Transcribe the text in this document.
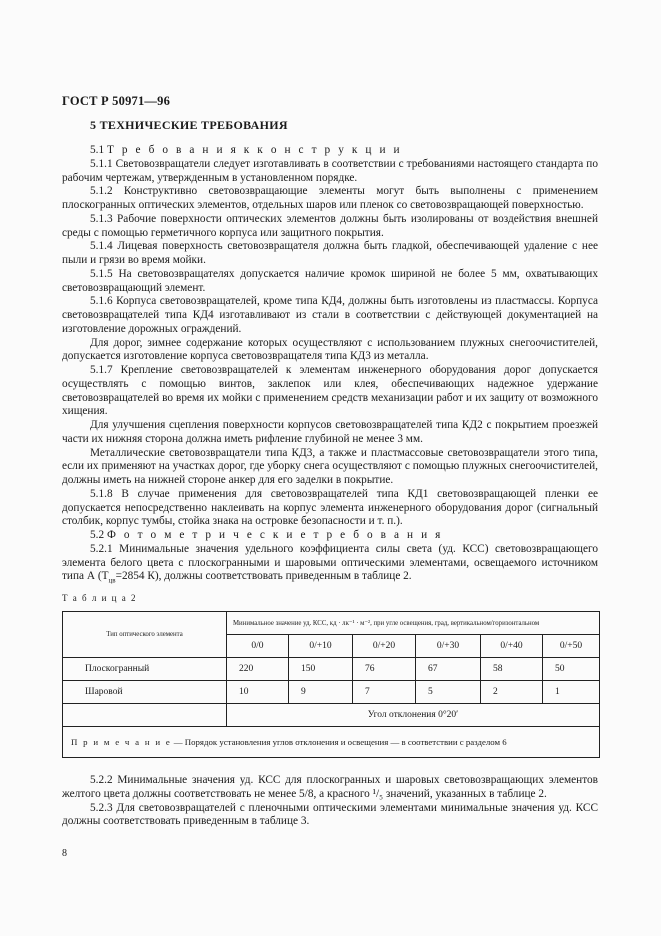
ГОСТ Р 50971—96
5 ТЕХНИЧЕСКИЕ ТРЕБОВАНИЯ

5.1 Т р е б о в а н и я к к о н с т р у к ц и и

5.1.1 Световозвращатели следует изготавливать в соответствии с требованиями настоящего стандарта по рабочим чертежам, утвержденным в установленном порядке.

5.1.2 Конструктивно световозвращающие элементы могут быть выполнены с применением плоскогранных оптических элементов, отдельных шаров или пленок со световозвращающей поверхностью.

5.1.3 Рабочие поверхности оптических элементов должны быть изолированы от воздействия внешней среды с помощью герметичного корпуса или защитного покрытия.

5.1.4 Лицевая поверхность световозвращателя должна быть гладкой, обеспечивающей удаление с нее пыли и грязи во время мойки.

5.1.5 На световозвращателях допускается наличие кромок шириной не более 5 мм, охватывающих световозвращающий элемент.

5.1.6 Корпуса световозвращателей, кроме типа КД4, должны быть изготовлены из пластмассы. Корпуса световозвращателей типа КД4 изготавливают из стали в соответствии с действующей документацией на изготовление дорожных ограждений.

Для дорог, зимнее содержание которых осуществляют с использованием плужных снегоочистителей, допускается изготовление корпуса световозвращателя типа КД3 из металла.

5.1.7 Крепление световозвращателей к элементам инженерного оборудования дорог допускается осуществлять с помощью винтов, заклепок или клея, обеспечивающих надежное удержание световозвращателей во время их мойки с применением средств механизации работ и их защиту от возможного хищения.

Для улучшения сцепления поверхности корпусов световозвращателей типа КД2 с покрытием проезжей части их нижняя сторона должна иметь рифление глубиной не менее 3 мм.

Металлические световозвращатели типа КД3, а также и пластмассовые световозвращатели этого типа, если их применяют на участках дорог, где уборку снега осуществляют с помощью плужных снегоочистителей, должны иметь на нижней стороне анкер для его заделки в покрытие.

5.1.8 В случае применения для световозвращателей типа КД1 световозвращающей пленки ее допускается непосредственно наклеивать на корпус элемента инженерного оборудования дорог (сигнальный столбик, корпус тумбы, стойка знака на островке безопасности и т. п.).

5.2 Ф о т о м е т р и ч е с к и е т р е б о в а н и я

5.2.1 Минимальные значения удельного коэффициента силы света (уд. КСС) световозвращающего элемента белого цвета с плоскогранными и шаровыми оптическими элементами, освещаемого источником типа А ($T_{цв}=2854$ К), должны соответствовать приведенным в таблице 2.

Т а б л и ц а 2
Тип оптического элемента	Минимальное значение уд. КСС, кд · лк⁻¹ · м⁻², при угле освещения, град, вертикальном/горизонтальном					
	0/0	0/+10	0/+20	0/+30	0/+40	0/+50
Плоскогранный	220	150	76	67	58	50
Шаровой	10	9	7	5	2	1
	Угол отклонения 0°20′					
П р и м е ч а н и е — Порядок установления углов отклонения и освещения — в соответствии с разделом 6						

5.2.2 Минимальные значения уд. КСС для плоскогранных и шаровых световозвращающих элементов желтого цвета должны соответствовать не менее 5/8, а красного ¹/₅ значений, указанных в таблице 2.

5.2.3 Для световозвращателей с пленочными оптическими элементами минимальные значения уд. КСС должны соответствовать приведенным в таблице 3.

8
